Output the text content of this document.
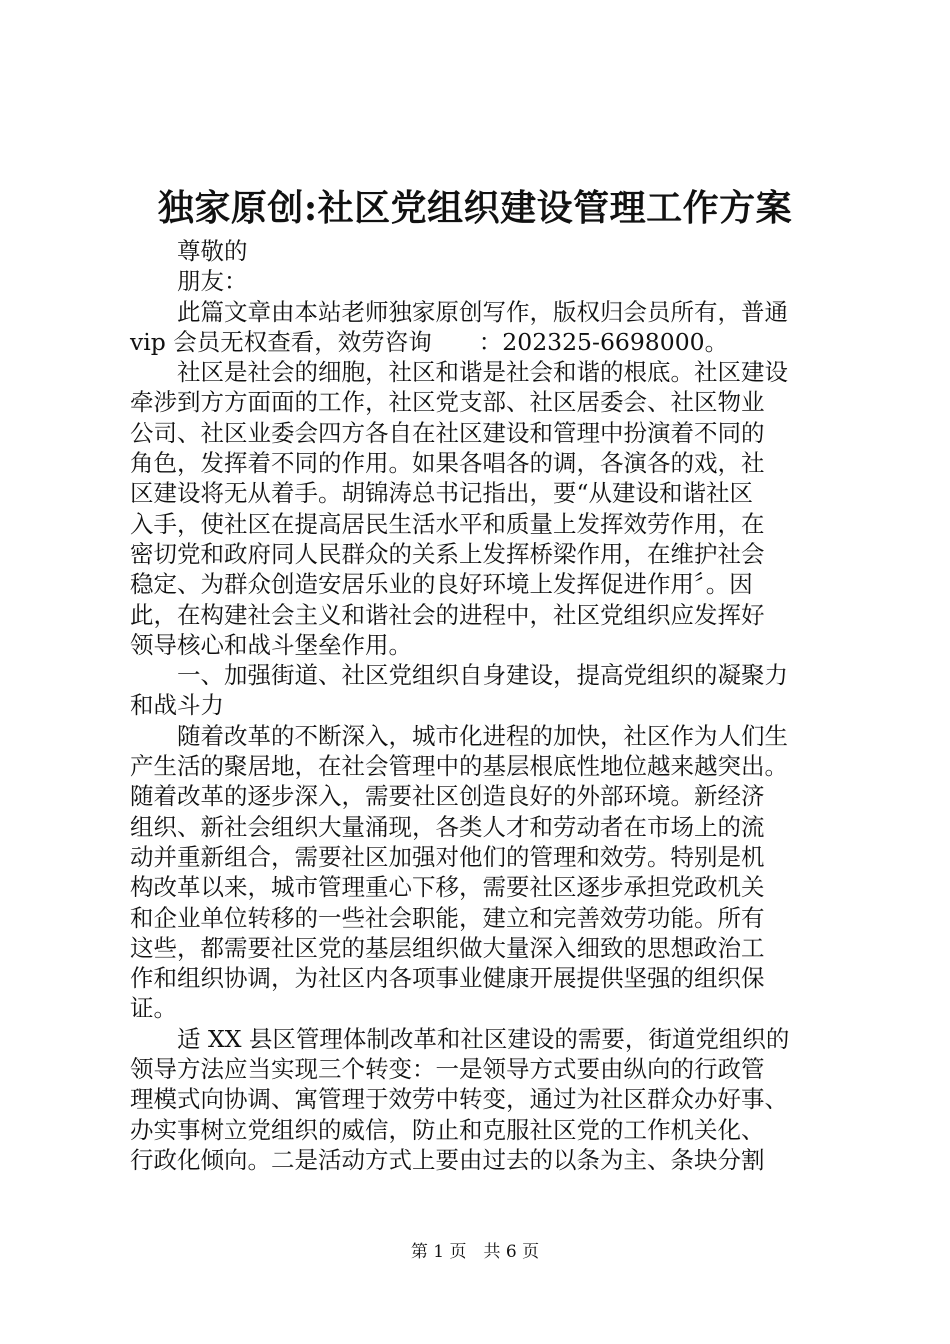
独家原创:社区党组织建设管理工作方案
尊敬的
朋友：
此篇文章由本站老师独家原创写作，版权归会员所有，普通
vip 会员无权查看，效劳咨询　　：202325-6698000。
社区是社会的细胞，社区和谐是社会和谐的根底。社区建设
牵涉到方方面面的工作，社区党支部、社区居委会、社区物业
公司、社区业委会四方各自在社区建设和管理中扮演着不同的
角色，发挥着不同的作用。如果各唱各的调，各演各的戏，社
区建设将无从着手。胡锦涛总书记指出，要“从建设和谐社区
入手，使社区在提高居民生活水平和质量上发挥效劳作用，在
密切党和政府同人民群众的关系上发挥桥梁作用，在维护社会
稳定、为群众创造安居乐业的良好环境上发挥促进作用〞。因
此，在构建社会主义和谐社会的进程中，社区党组织应发挥好
领导核心和战斗堡垒作用。
一、加强街道、社区党组织自身建设，提高党组织的凝聚力
和战斗力
随着改革的不断深入，城市化进程的加快，社区作为人们生
产生活的聚居地，在社会管理中的基层根底性地位越来越突出。
随着改革的逐步深入，需要社区创造良好的外部环境。新经济
组织、新社会组织大量涌现，各类人才和劳动者在市场上的流
动并重新组合，需要社区加强对他们的管理和效劳。特别是机
构改革以来，城市管理重心下移，需要社区逐步承担党政机关
和企业单位转移的一些社会职能，建立和完善效劳功能。所有
这些，都需要社区党的基层组织做大量深入细致的思想政治工
作和组织协调，为社区内各项事业健康开展提供坚强的组织保
证。
适 XX 县区管理体制改革和社区建设的需要，街道党组织的
领导方法应当实现三个转变：一是领导方式要由纵向的行政管
理模式向协调、寓管理于效劳中转变，通过为社区群众办好事、
办实事树立党组织的威信，防止和克服社区党的工作机关化、
行政化倾向。二是活动方式上要由过去的以条为主、条块分割
第 1 页　共 6 页
